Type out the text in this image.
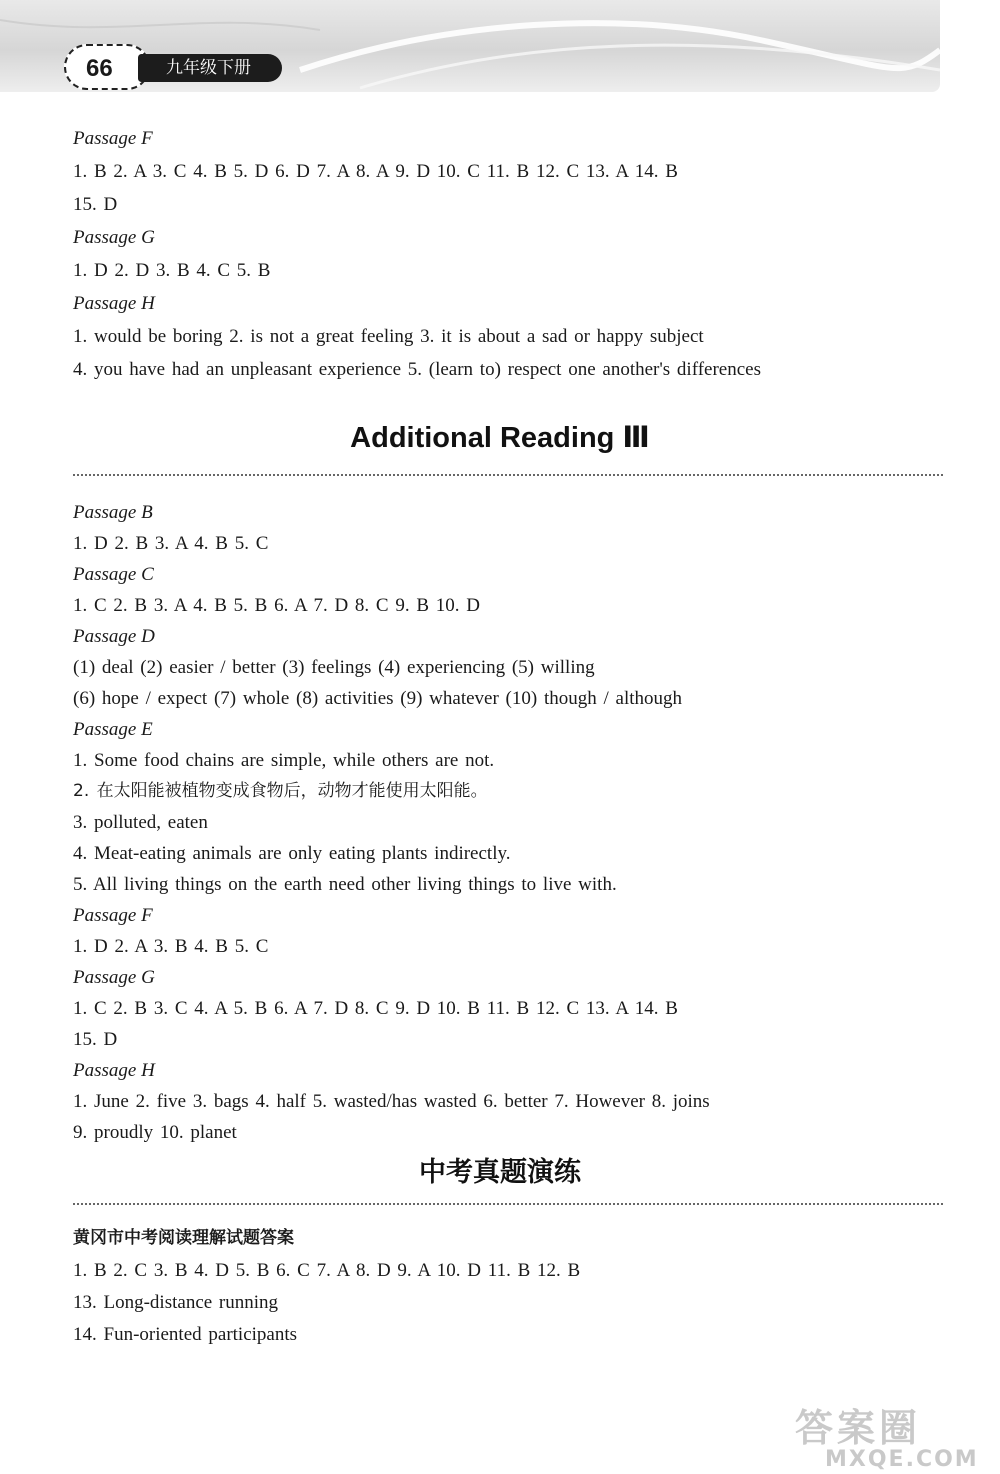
66	九年级下册
Passage F
1. B 2. A 3. C 4. B 5. D 6. D 7. A 8. A 9. D 10. C 11. B 12. C 13. A 14. B
15. D
Passage G
1. D 2. D 3. B 4. C 5. B
Passage H
1. would be boring 2. is not a great feeling 3. it is about a sad or happy subject
4. you have had an unpleasant experience 5. (learn to) respect one another's differences
Additional Reading Ⅲ
Passage B
1. D 2. B 3. A 4. B 5. C
Passage C
1. C 2. B 3. A 4. B 5. B 6. A 7. D 8. C 9. B 10. D
Passage D
(1) deal (2) easier / better (3) feelings (4) experiencing (5) willing
(6) hope / expect (7) whole (8) activities (9) whatever (10) though / although
Passage E
1. Some food chains are simple, while others are not.
2. 在太阳能被植物变成食物后，动物才能使用太阳能。
3. polluted, eaten
4. Meat-eating animals are only eating plants indirectly.
5. All living things on the earth need other living things to live with.
Passage F
1. D 2. A 3. B 4. B 5. C
Passage G
1. C 2. B 3. C 4. A 5. B 6. A 7. D 8. C 9. D 10. B 11. B 12. C 13. A 14. B
15. D
Passage H
1. June 2. five 3. bags 4. half 5. wasted/has wasted 6. better 7. However 8. joins
9. proudly 10. planet
中考真题演练
黄冈市中考阅读理解试题答案
1. B 2. C 3. B 4. D 5. B 6. C 7. A 8. D 9. A 10. D 11. B 12. B
13. Long-distance running
14. Fun-oriented participants
答案圈
MXQE.COM
